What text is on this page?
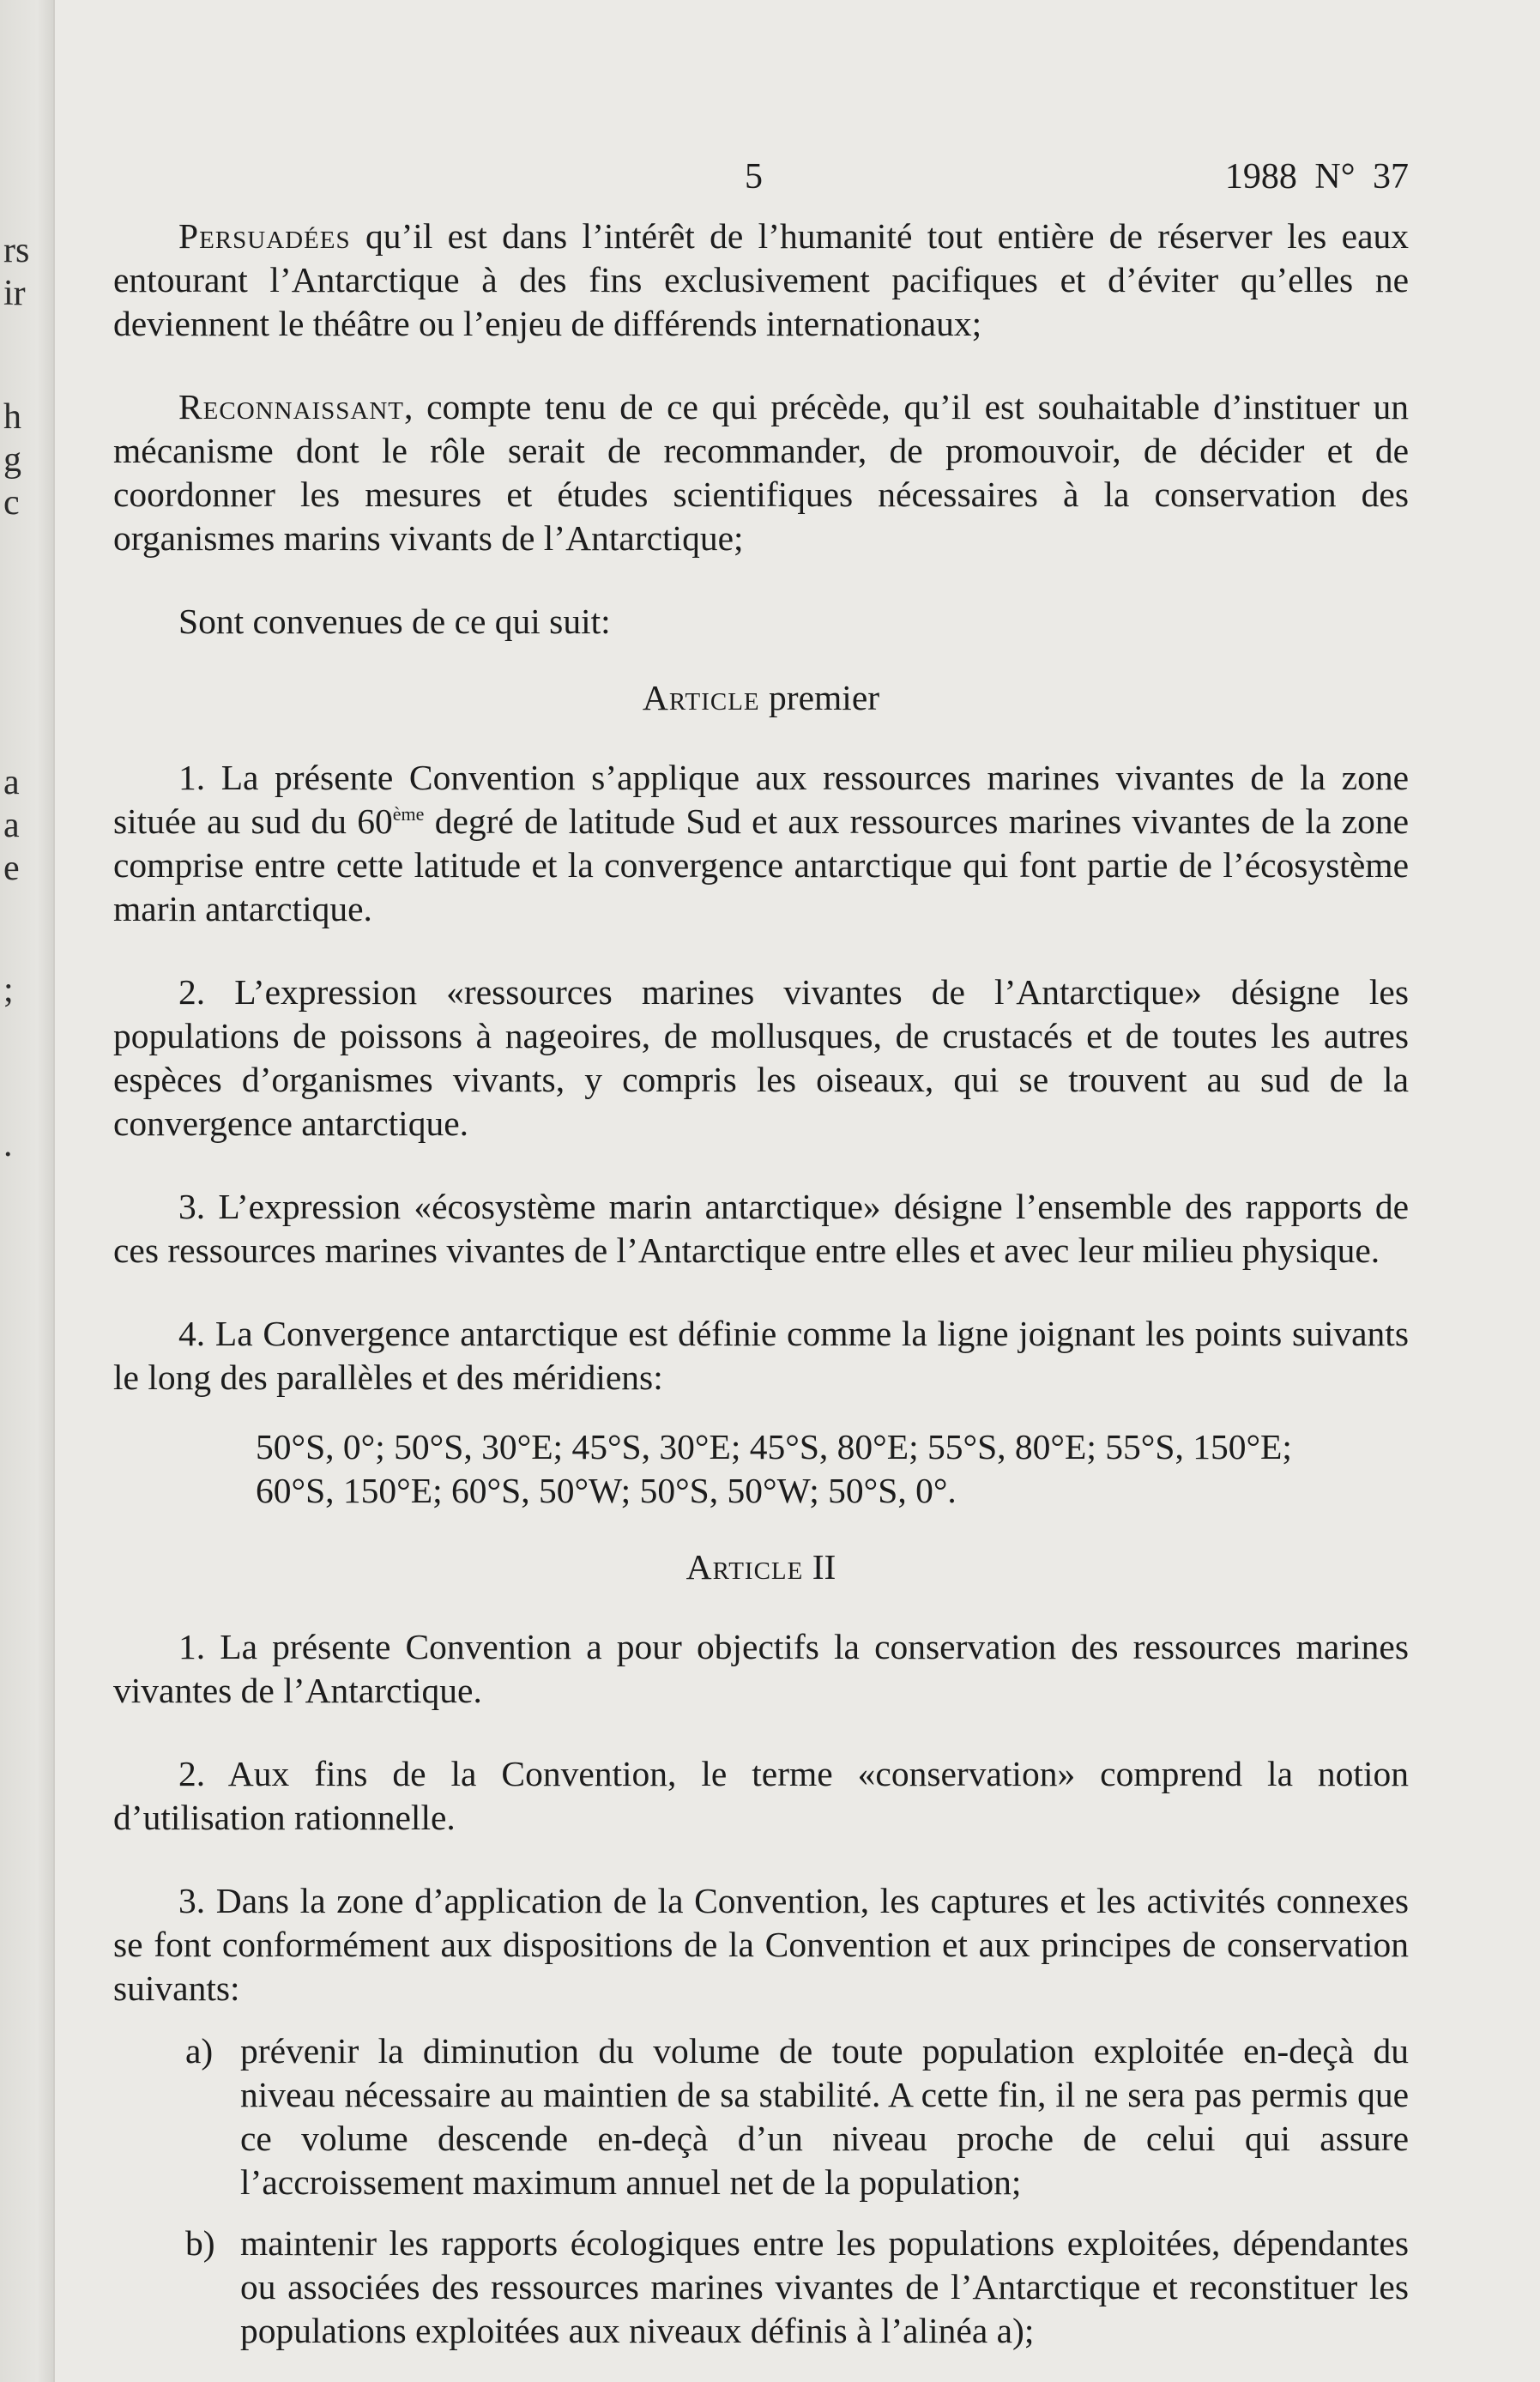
rs
ir
h
g
c
a
a
e
;
.
5	1988 N° 37

Persuadées qu’il est dans l’intérêt de l’humanité tout entière de réserver les eaux entourant l’Antarctique à des fins exclusivement pacifiques et d’éviter qu’elles ne deviennent le théâtre ou l’enjeu de différends internationaux;

Reconnaissant, compte tenu de ce qui précède, qu’il est souhaitable d’instituer un mécanisme dont le rôle serait de recommander, de promouvoir, de décider et de coordonner les mesures et études scientifiques nécessaires à la conservation des organismes marins vivants de l’Antarctique;

Sont convenues de ce qui suit:

Article premier

1. La présente Convention s’applique aux ressources marines vivantes de la zone située au sud du 60ème degré de latitude Sud et aux ressources marines vivantes de la zone comprise entre cette latitude et la convergence antarctique qui font partie de l’écosystème marin antarctique.

2. L’expression «ressources marines vivantes de l’Antarctique» désigne les populations de poissons à nageoires, de mollusques, de crustacés et de toutes les autres espèces d’organismes vivants, y compris les oiseaux, qui se trouvent au sud de la convergence antarctique.

3. L’expression «écosystème marin antarctique» désigne l’ensemble des rapports de ces ressources marines vivantes de l’Antarctique entre elles et avec leur milieu physique.

4. La Convergence antarctique est définie comme la ligne joignant les points suivants le long des parallèles et des méridiens:

50°S, 0°; 50°S, 30°E; 45°S, 30°E; 45°S, 80°E; 55°S, 80°E; 55°S, 150°E;
60°S, 150°E; 60°S, 50°W; 50°S, 50°W; 50°S, 0°.
Article II

1. La présente Convention a pour objectifs la conservation des ressources marines vivantes de l’Antarctique.

2. Aux fins de la Convention, le terme «conservation» comprend la notion d’utilisation rationnelle.

3. Dans la zone d’application de la Convention, les captures et les activités connexes se font conformément aux dispositions de la Convention et aux principes de conservation suivants:

a) prévenir la diminution du volume de toute population exploitée en-deçà du niveau nécessaire au maintien de sa stabilité. A cette fin, il ne sera pas permis que ce volume descende en-deçà d’un niveau proche de celui qui assure l’accroissement maximum annuel net de la population;

b) maintenir les rapports écologiques entre les populations exploitées, dépendantes ou associées des ressources marines vivantes de l’Antarctique et reconstituer les populations exploitées aux niveaux définis à l’alinéa a);
